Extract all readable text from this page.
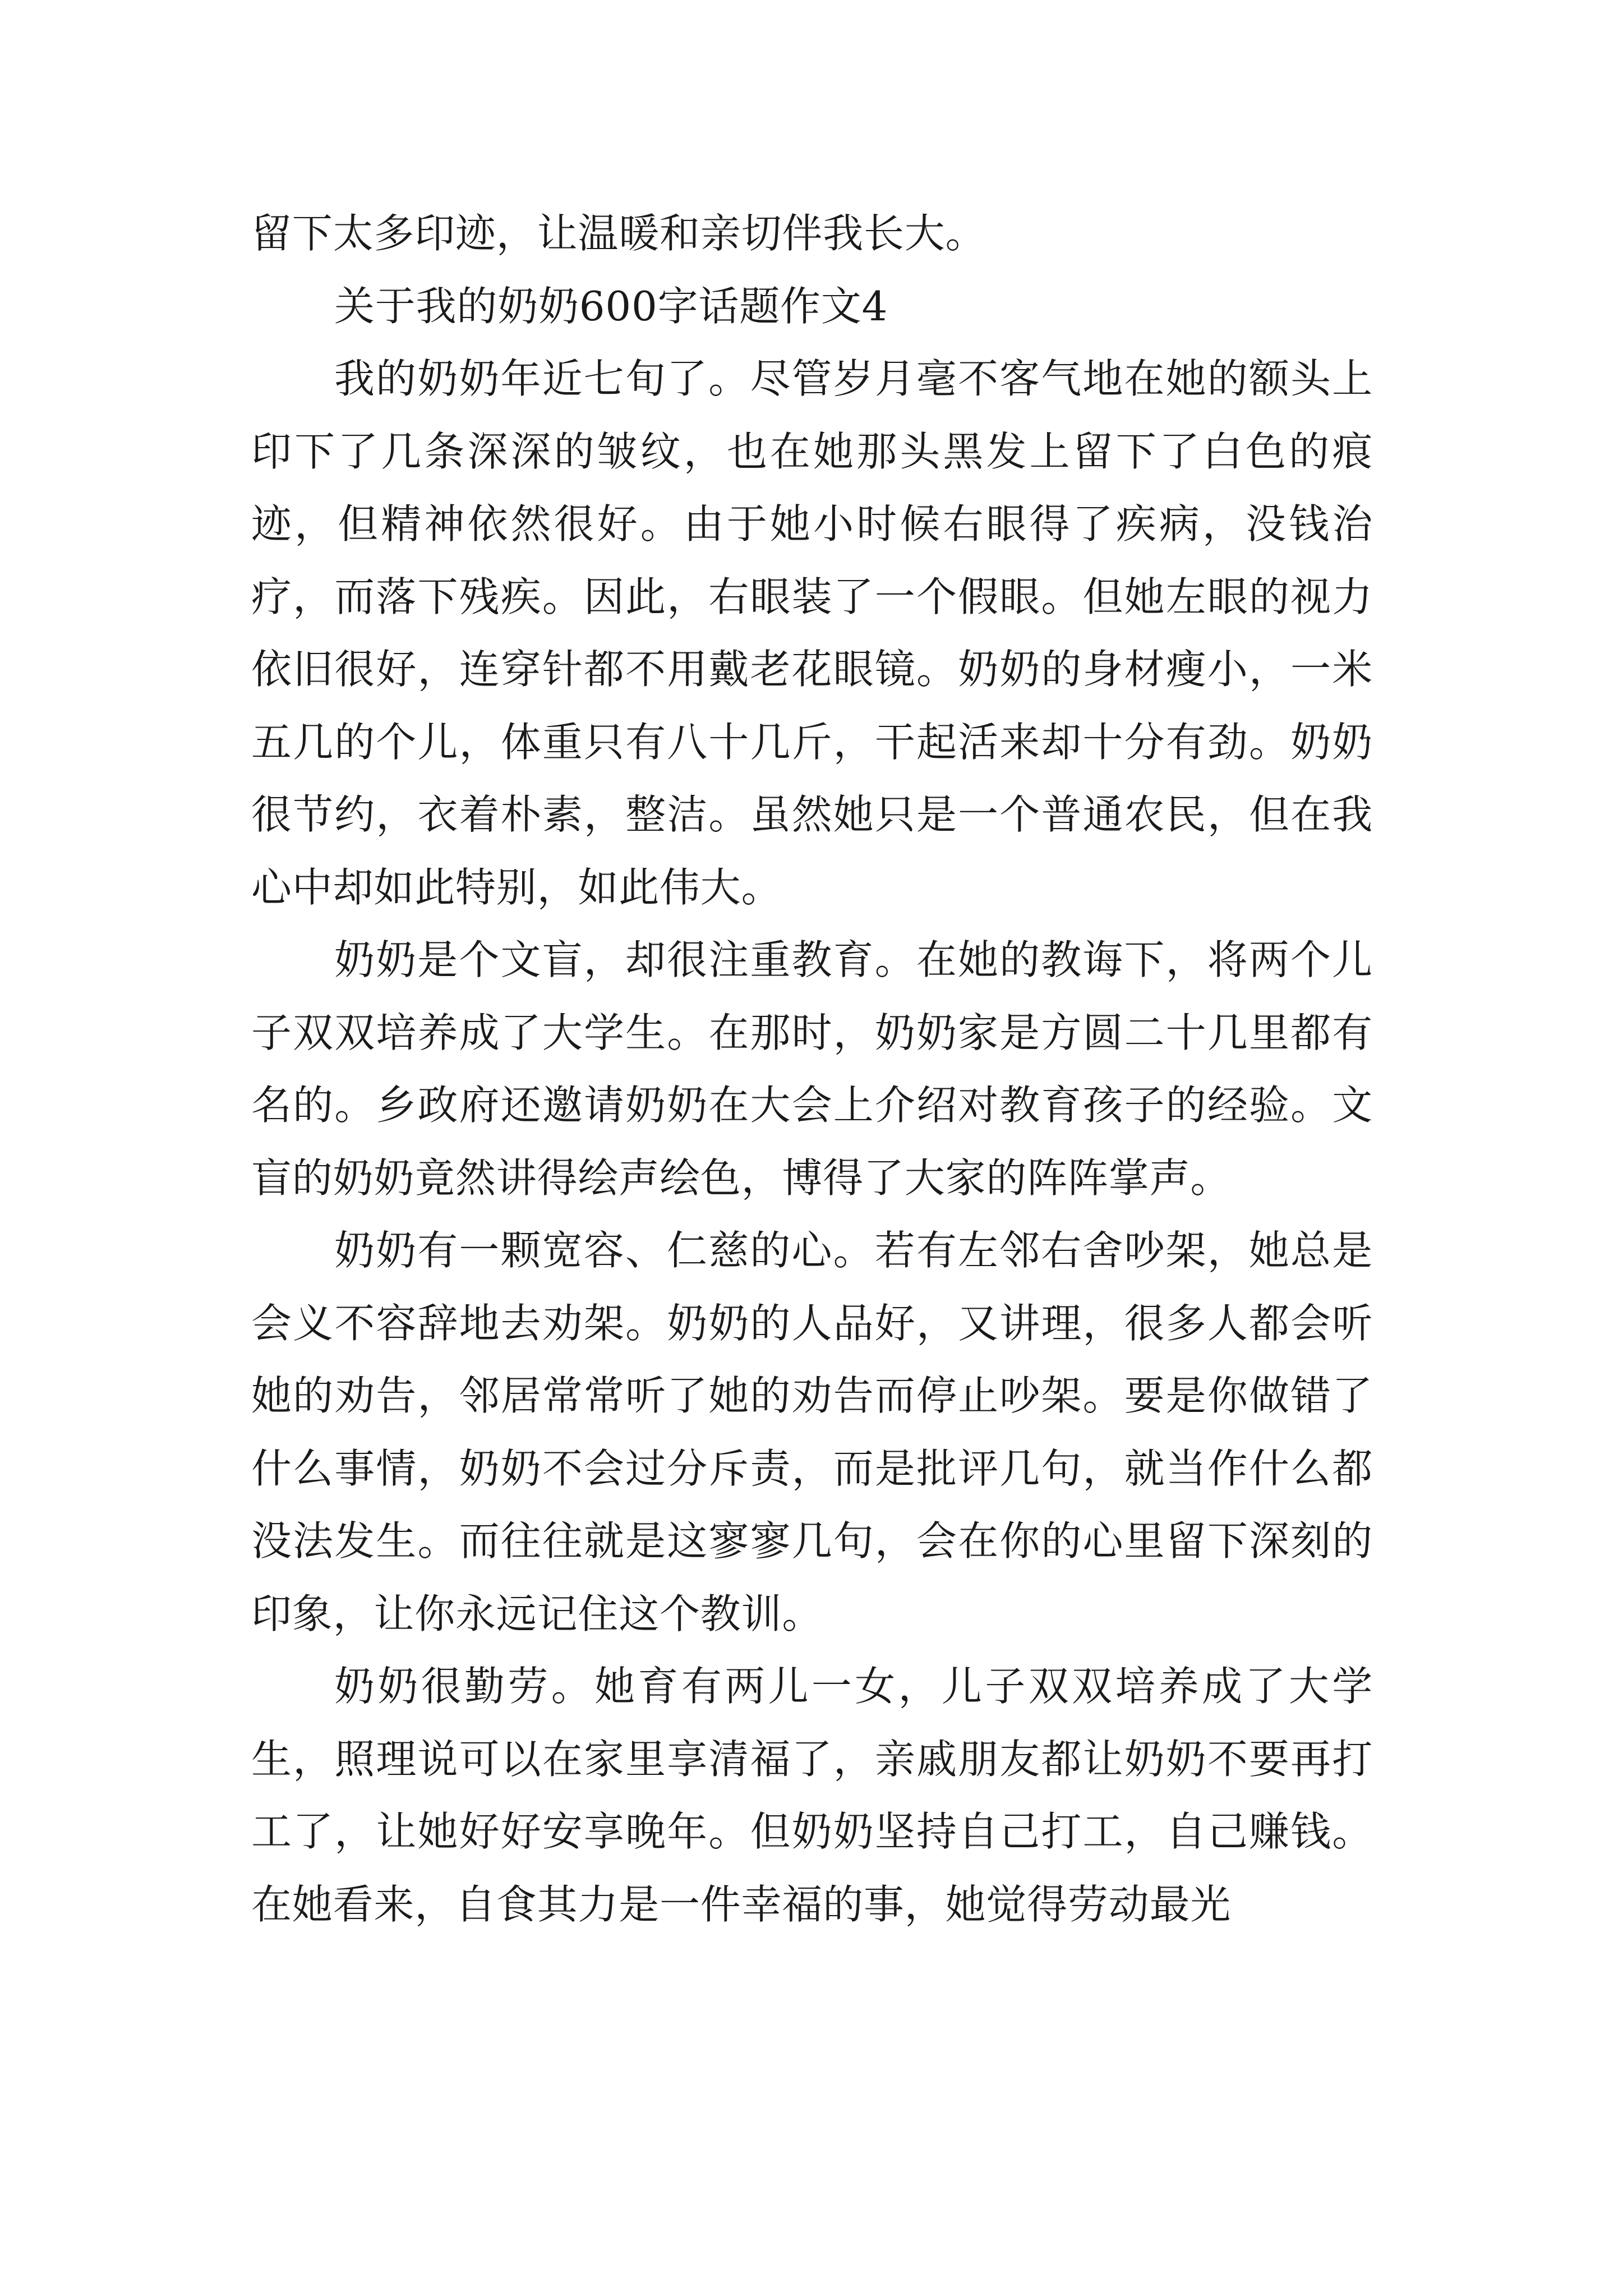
留下太多印迹，让温暖和亲切伴我长大。

关于我的奶奶600字话题作文4

我的奶奶年近七旬了。尽管岁月毫不客气地在她的额头上印下了几条深深的皱纹，也在她那头黑发上留下了白色的痕迹，但精神依然很好。由于她小时候右眼得了疾病，没钱治疗，而落下残疾。因此，右眼装了一个假眼。但她左眼的视力依旧很好，连穿针都不用戴老花眼镜。奶奶的身材瘦小，一米五几的个儿，体重只有八十几斤，干起活来却十分有劲。奶奶很节约，衣着朴素，整洁。虽然她只是一个普通农民，但在我心中却如此特别，如此伟大。

奶奶是个文盲，却很注重教育。在她的教诲下，将两个儿子双双培养成了大学生。在那时，奶奶家是方圆二十几里都有名的。乡政府还邀请奶奶在大会上介绍对教育孩子的经验。文盲的奶奶竟然讲得绘声绘色，博得了大家的阵阵掌声。

奶奶有一颗宽容、仁慈的心。若有左邻右舍吵架，她总是会义不容辞地去劝架。奶奶的人品好，又讲理，很多人都会听她的劝告，邻居常常听了她的劝告而停止吵架。要是你做错了什么事情，奶奶不会过分斥责，而是批评几句，就当作什么都没法发生。而往往就是这寥寥几句，会在你的心里留下深刻的印象，让你永远记住这个教训。

奶奶很勤劳。她育有两儿一女，儿子双双培养成了大学生，照理说可以在家里享清福了，亲戚朋友都让奶奶不要再打工了，让她好好安享晚年。但奶奶坚持自己打工，自己赚钱。在她看来，自食其力是一件幸福的事，她觉得劳动最光
